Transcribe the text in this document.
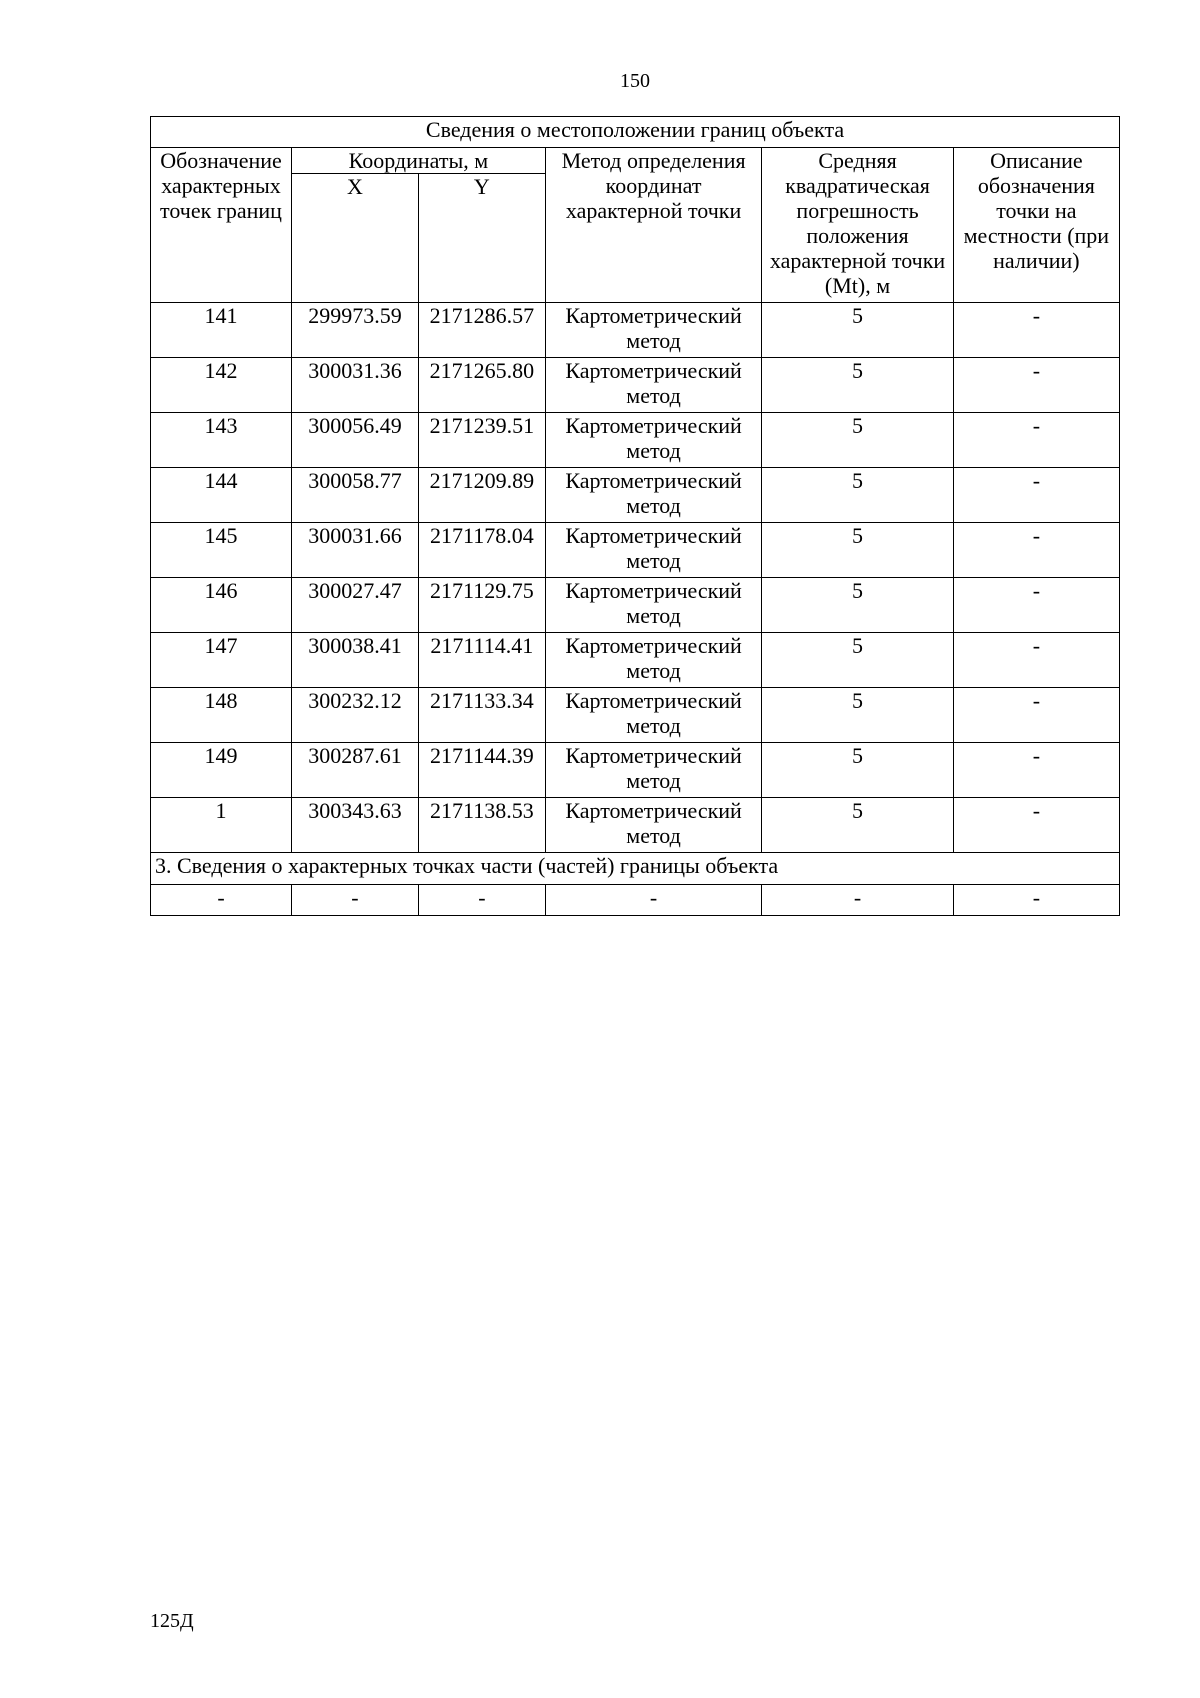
150
Сведения о местоположении границ объекта					
Обозначение характерных точек границ	Координаты, м		Метод определения координат характерной точки	Средняя квадратическая погрешность положения характерной точки (Mt), м	Описание обозначения точки на местности (при наличии)
	X	Y			
141	299973.59	2171286.57	Картометрический метод	5	-
142	300031.36	2171265.80	Картометрический метод	5	-
143	300056.49	2171239.51	Картометрический метод	5	-
144	300058.77	2171209.89	Картометрический метод	5	-
145	300031.66	2171178.04	Картометрический метод	5	-
146	300027.47	2171129.75	Картометрический метод	5	-
147	300038.41	2171114.41	Картометрический метод	5	-
148	300232.12	2171133.34	Картометрический метод	5	-
149	300287.61	2171144.39	Картометрический метод	5	-
1	300343.63	2171138.53	Картометрический метод	5	-
3. Сведения о характерных точках части (частей) границы объекта					
-	-	-	-	-	-
125Д
